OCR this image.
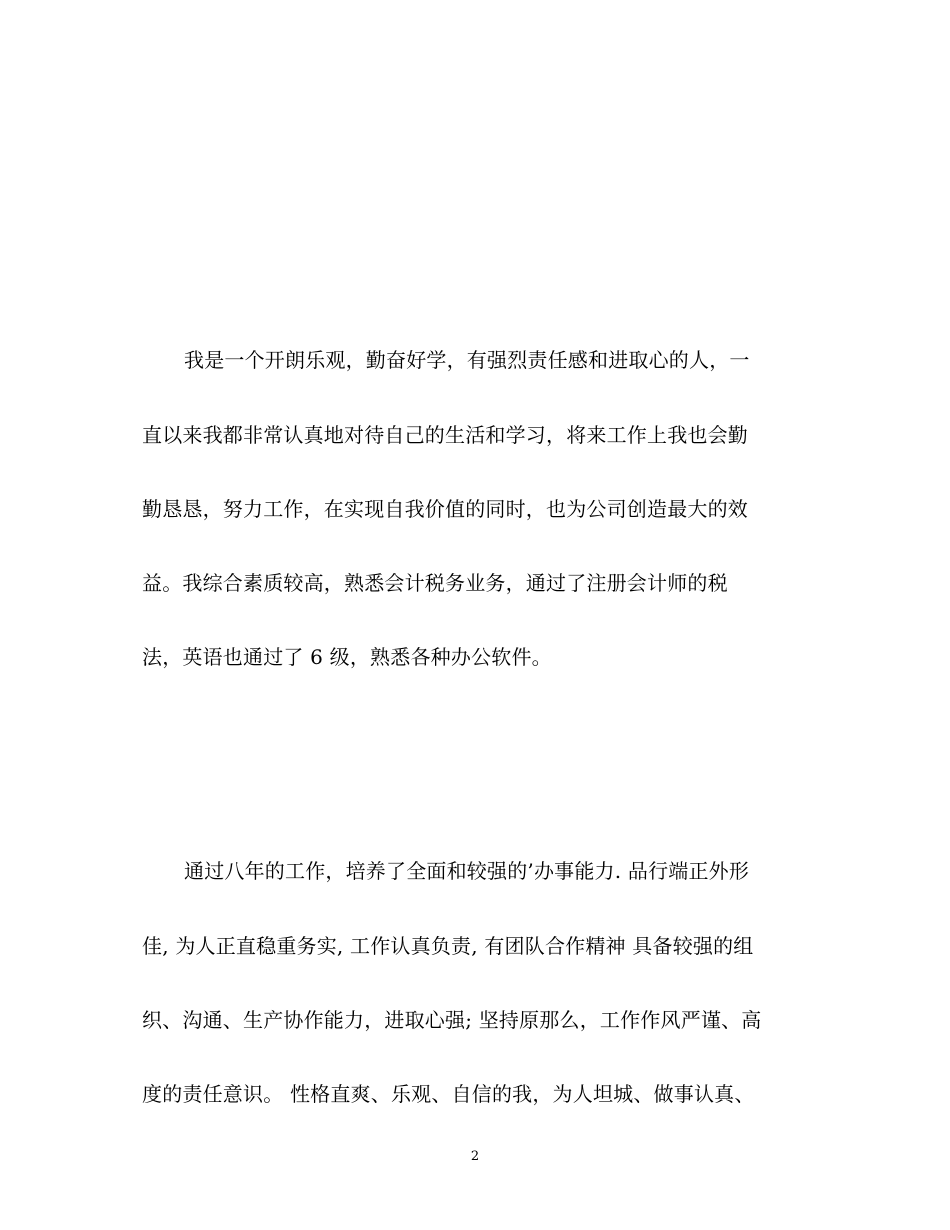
我是一个开朗乐观，勤奋好学，有强烈责任感和进取心的人，一
直以来我都非常认真地对待自己的生活和学习，将来工作上我也会勤
勤恳恳，努力工作，在实现自我价值的同时，也为公司创造最大的效
益。我综合素质较高，熟悉会计税务业务，通过了注册会计师的税
法，英语也通过了 6 级，熟悉各种办公软件。
通过八年的工作，培养了全面和较强的’办事能力. 品行端正外形
佳, 为人正直稳重务实, 工作认真负责, 有团队合作精神 具备较强的组
织、沟通、生产协作能力，进取心强; 坚持原那么，工作作风严谨、高
度的责任意识。 性格直爽、乐观、自信的我，为人坦城、做事认真、
2
